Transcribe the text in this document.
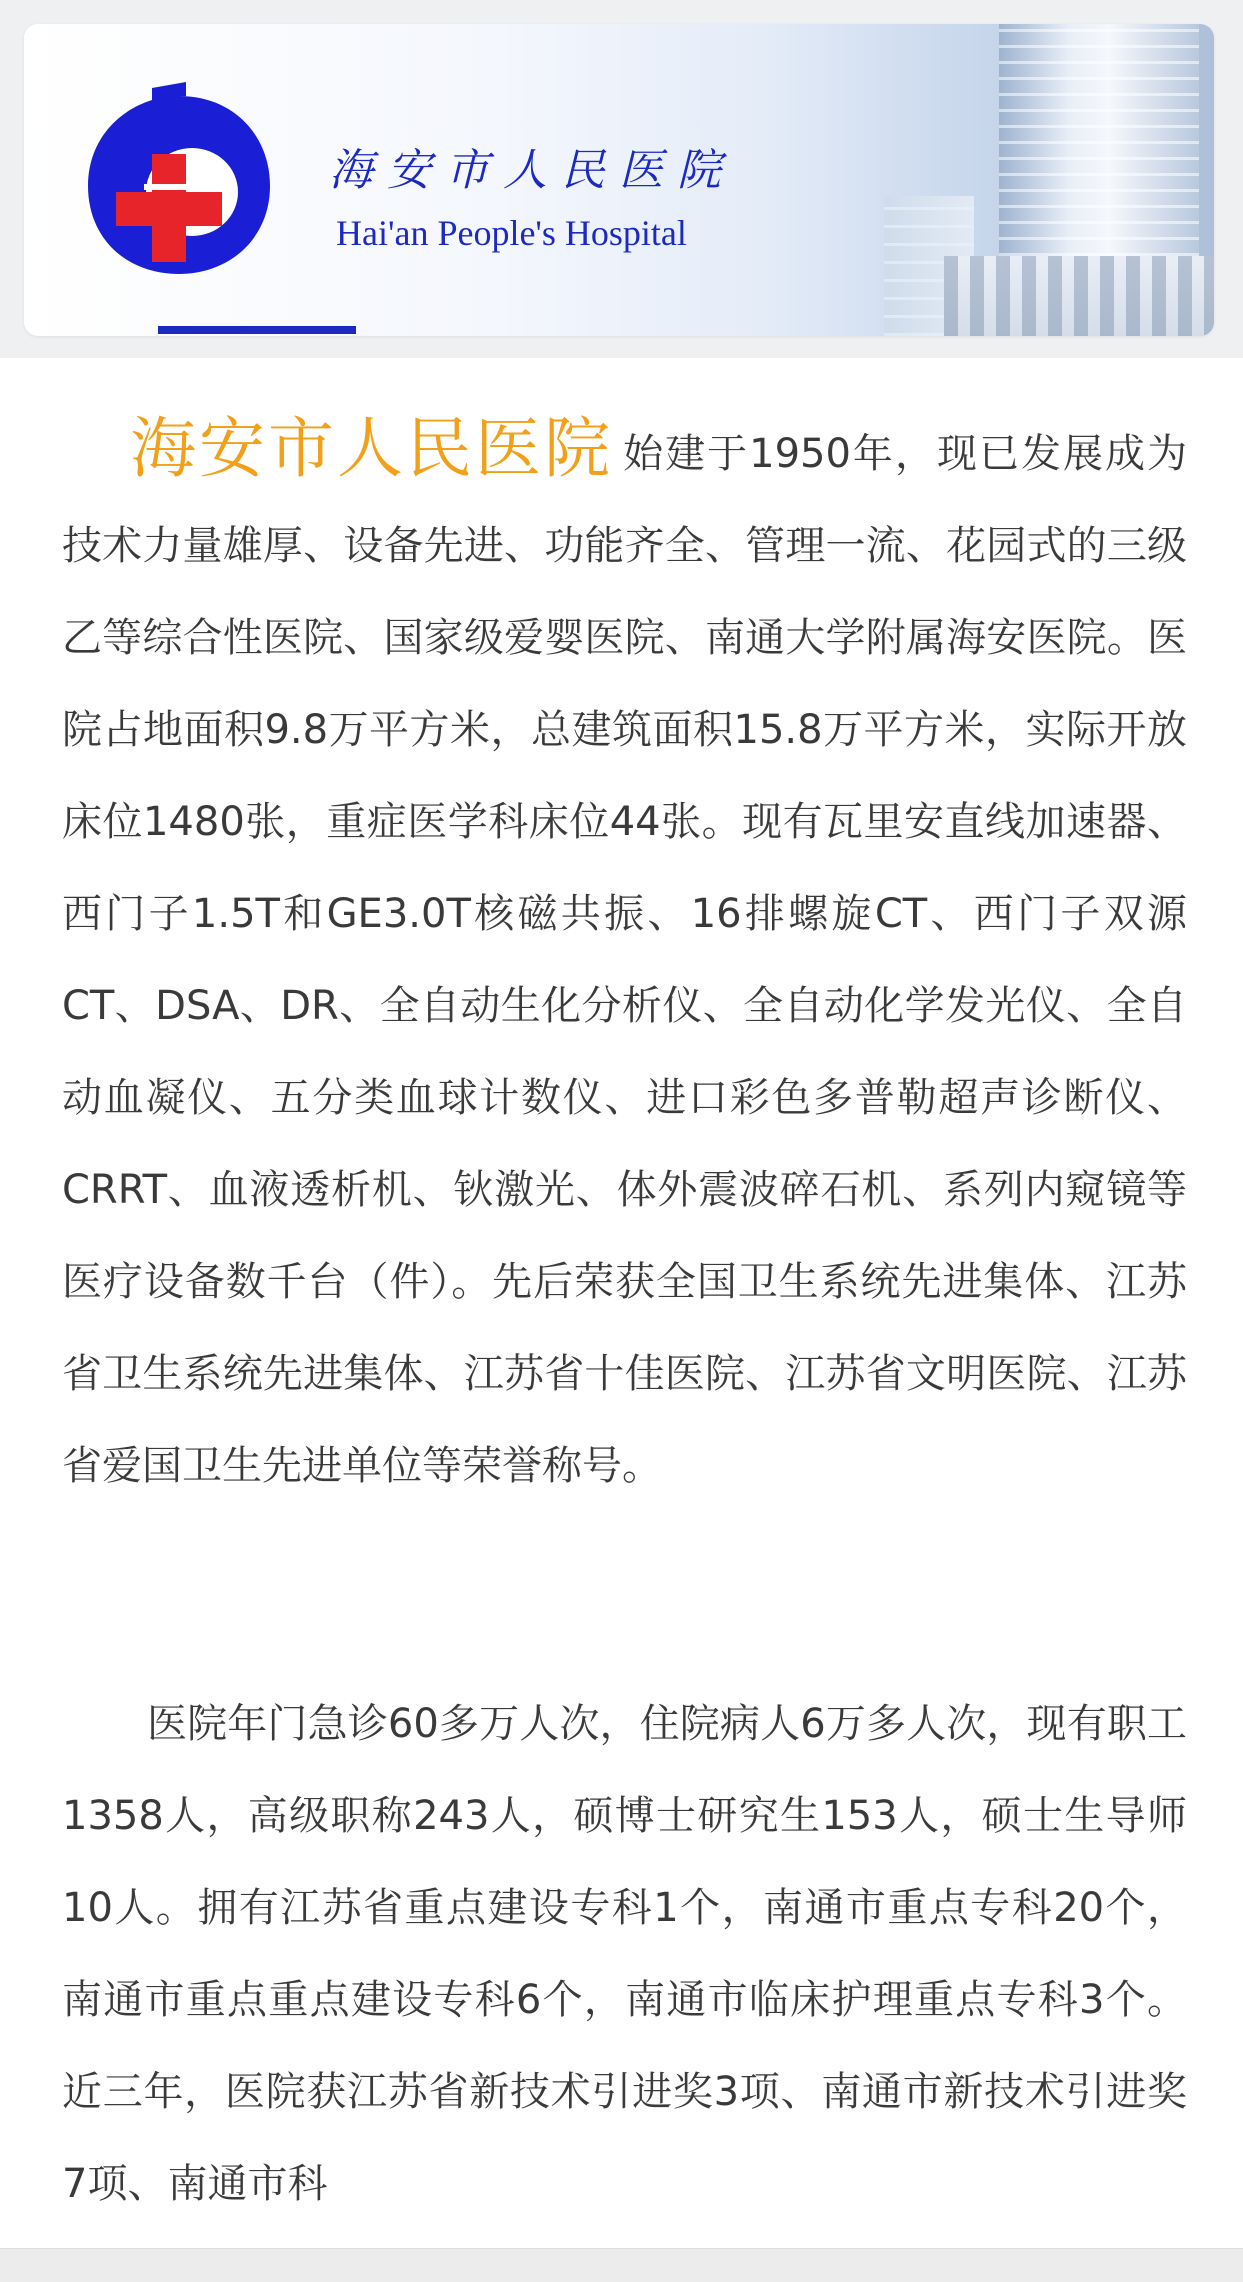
海安市人民医院
Hai'an People's Hospital

海安市人民医院 始建于1950年，现已发展成为技术力量雄厚、设备先进、功能齐全、管理一流、花园式的三级乙等综合性医院、国家级爱婴医院、南通大学附属海安医院。医院占地面积9.8万平方米，总建筑面积15.8万平方米，实际开放床位1480张，重症医学科床位44张。现有瓦里安直线加速器、西门子1.5T和GE3.0T核磁共振、16排螺旋CT、西门子双源CT、DSA、DR、全自动生化分析仪、全自动化学发光仪、全自动血凝仪、五分类血球计数仪、进口彩色多普勒超声诊断仪、CRRT、血液透析机、钬激光、体外震波碎石机、系列内窥镜等医疗设备数千台（件）。先后荣获全国卫生系统先进集体、江苏省卫生系统先进集体、江苏省十佳医院、江苏省文明医院、江苏省爱国卫生先进单位等荣誉称号。

医院年门急诊60多万人次，住院病人6万多人次，现有职工1358人，高级职称243人，硕博士研究生153人，硕士生导师10人。拥有江苏省重点建设专科1个，南通市重点专科20个，南通市重点重点建设专科6个，南通市临床护理重点专科3个。近三年，医院获江苏省新技术引进奖3项、南通市新技术引进奖7项、南通市科
